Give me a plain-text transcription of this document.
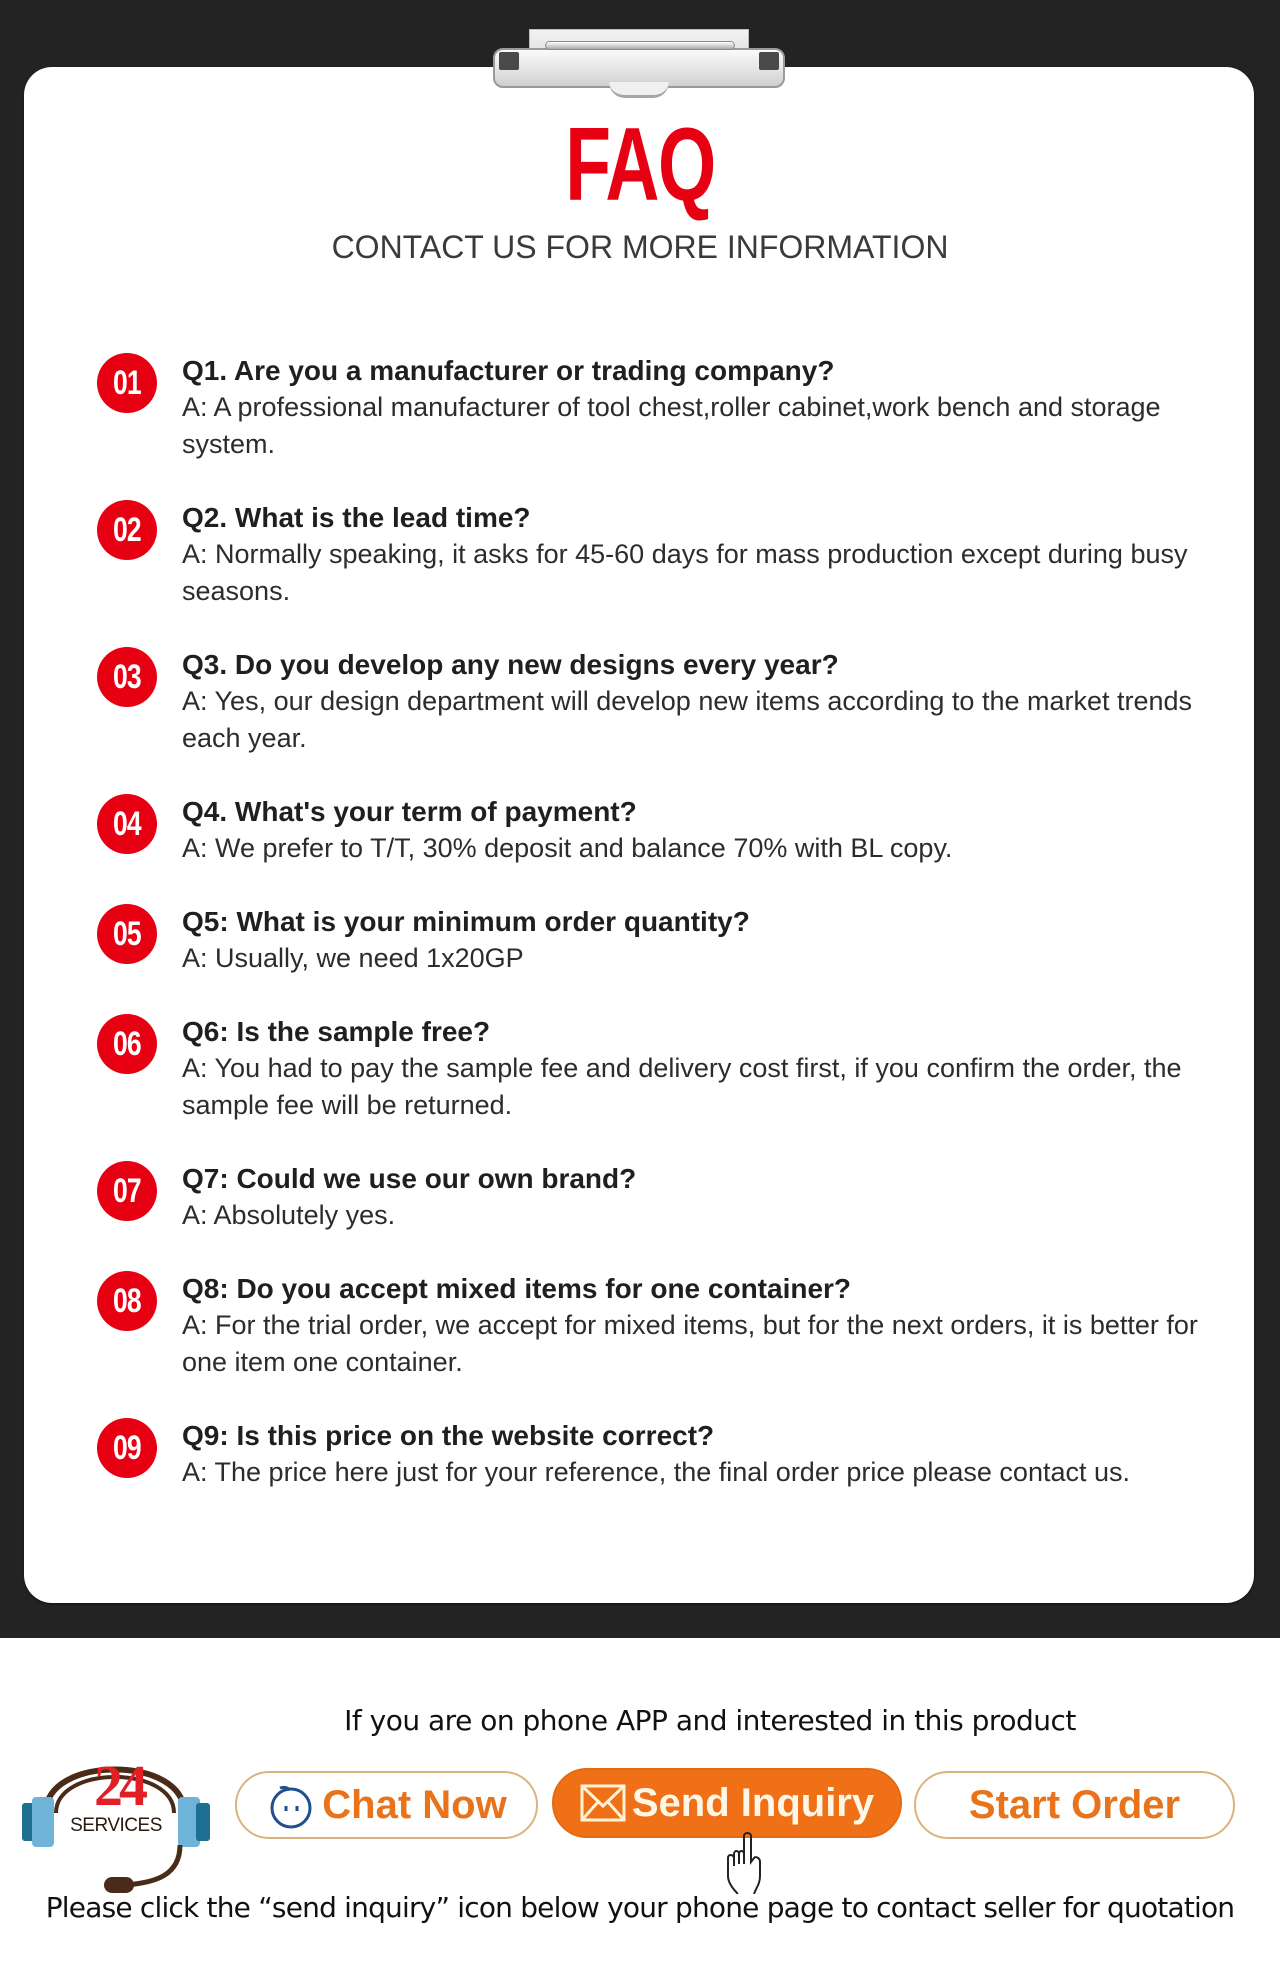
FAQ
CONTACT US FOR MORE INFORMATION
01 Q1. Are you a manufacturer or trading company?
A: A professional manufacturer of tool chest,roller cabinet,work bench and storage system.
02 Q2. What is the lead time?
A: Normally speaking, it asks for 45-60 days for mass production except during busy seasons.
03 Q3. Do you develop any new designs every year?
A: Yes, our design department will develop new items according to the market trends each year.
04 Q4. What's your term of payment?
A: We prefer to T/T, 30% deposit and balance 70% with BL copy.
05 Q5: What is your minimum order quantity?
A: Usually, we need 1x20GP
06 Q6: Is the sample free?
A: You had to pay the sample fee and delivery cost first, if you confirm the order, the sample fee will be returned.
07 Q7: Could we use our own brand?
A: Absolutely yes.
08 Q8: Do you accept mixed items for one container?
A: For the trial order, we accept for mixed items, but for the next orders, it is better for one item one container.
09 Q9: Is this price on the website correct?
A: The price here just for your reference, the final order price please contact us.
24
SERVICES
If you are on phone APP and interested in this product
Chat Now	Send Inquiry Start Order
Please click the “send inquiry” icon below your phone page to contact seller for quotation
